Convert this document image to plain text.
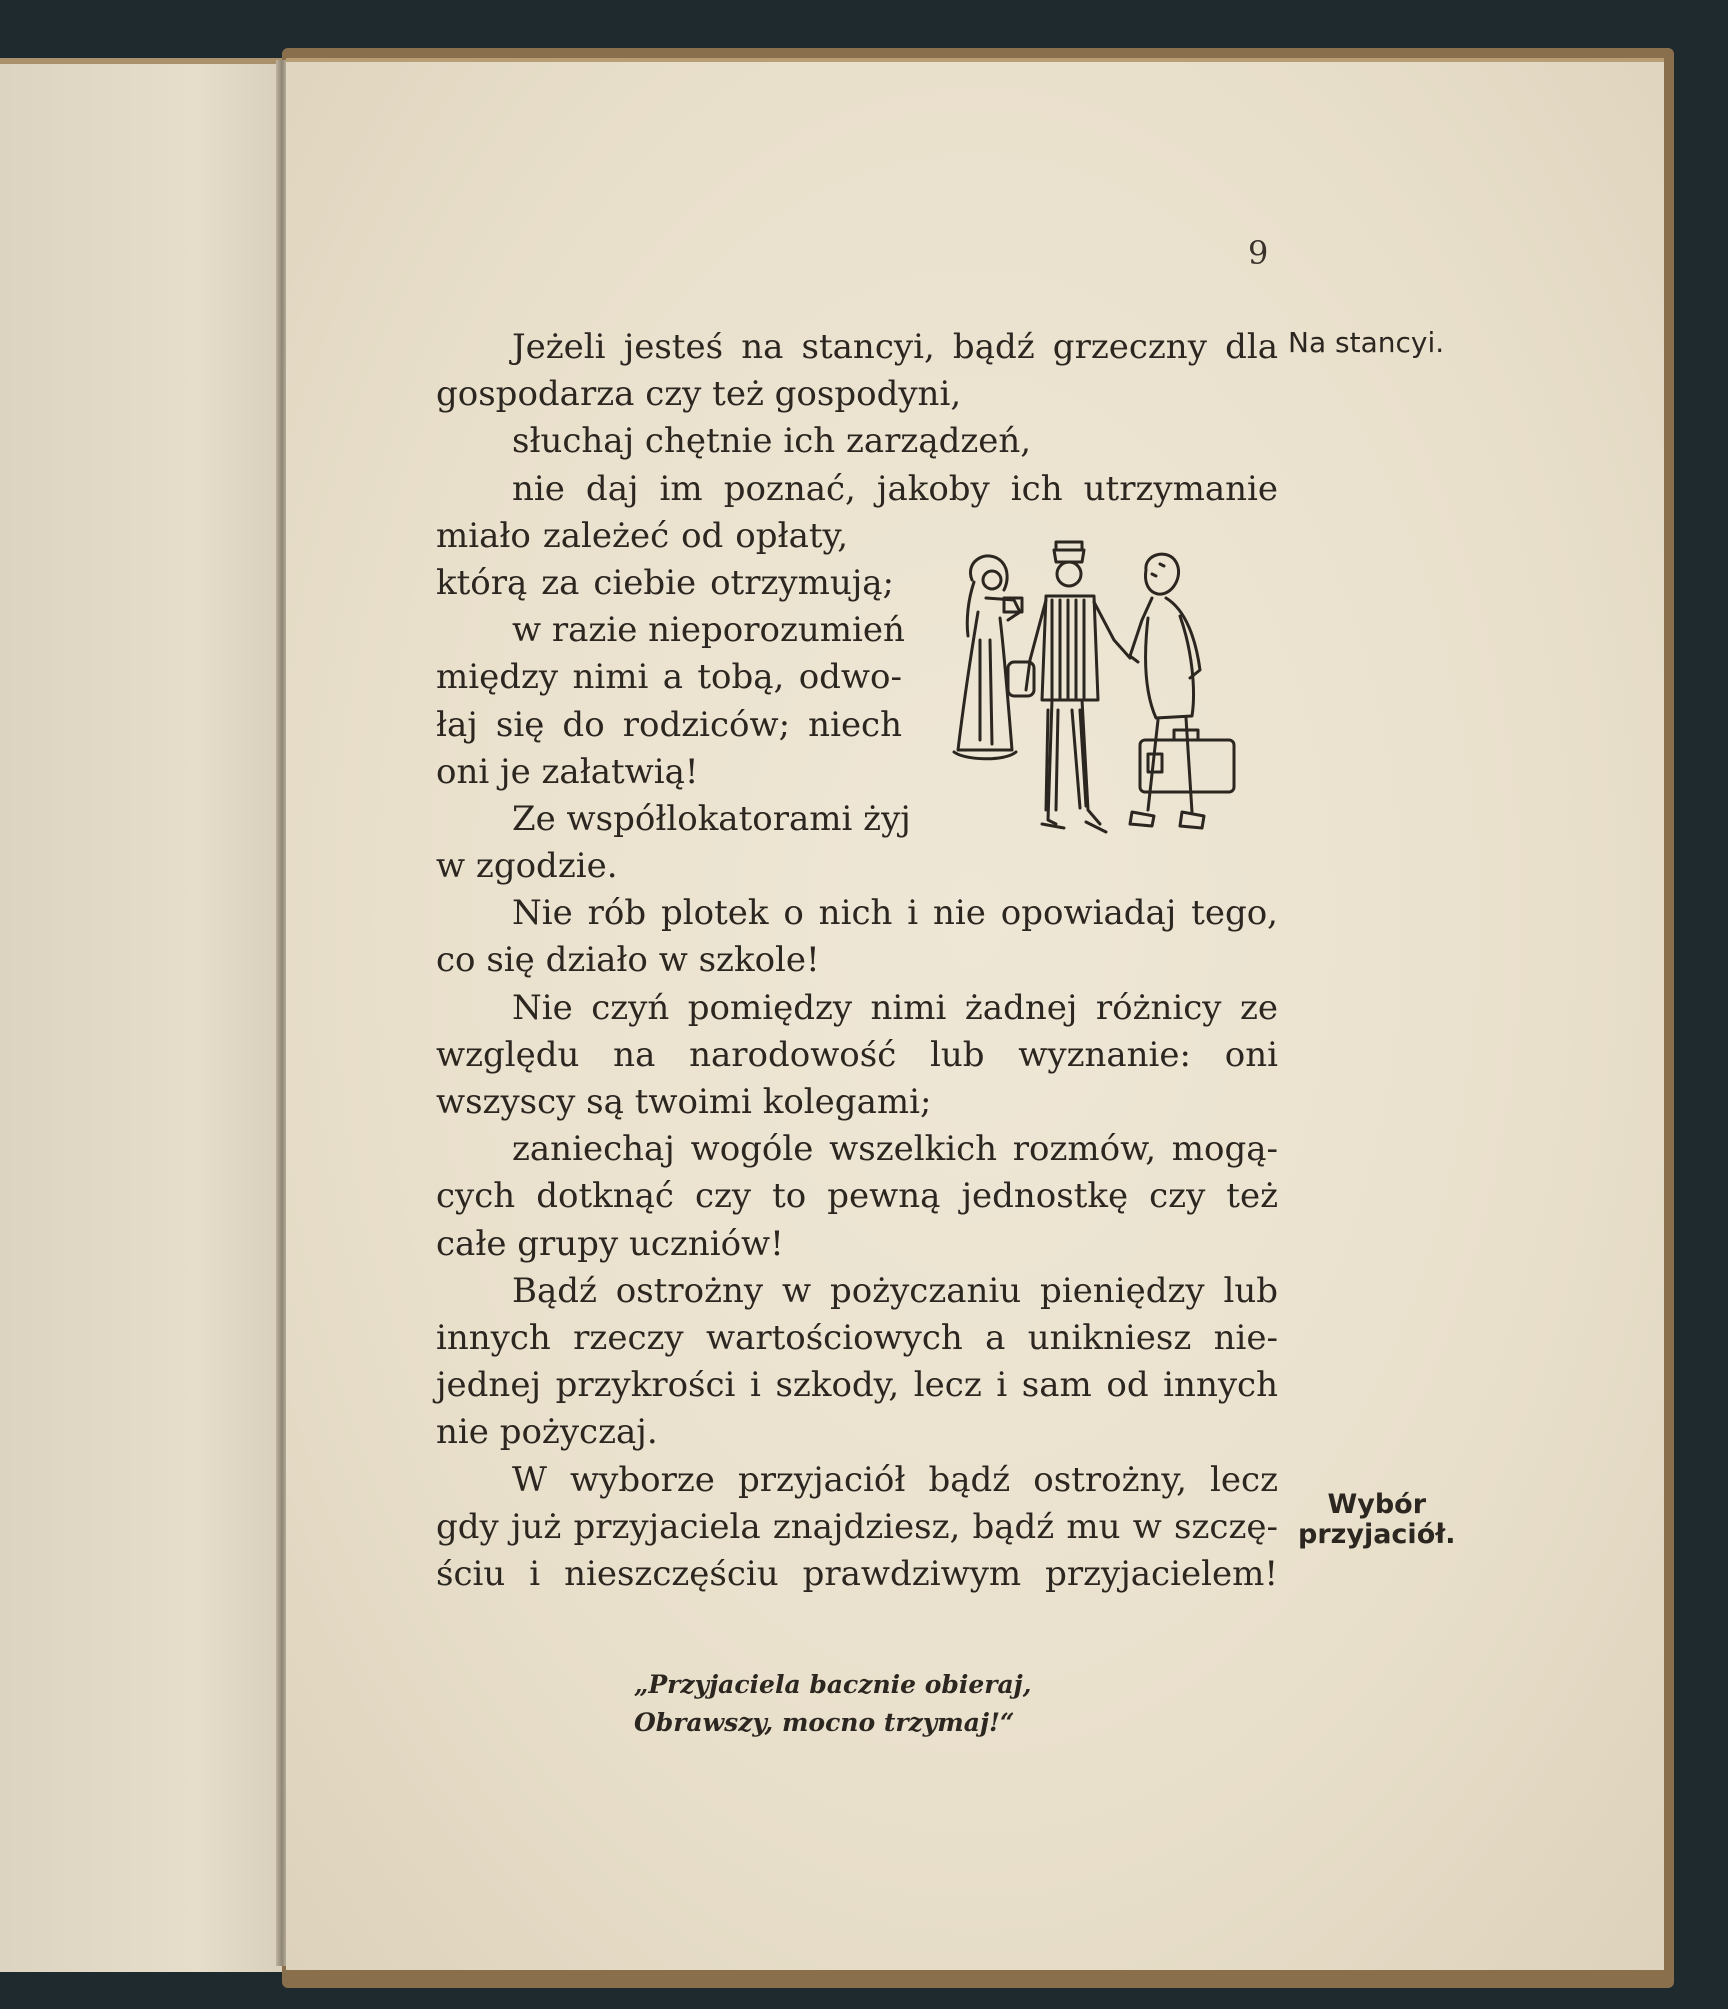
9
Na stancyi.
Wybór
przyjaciół.
Jeżeli jesteś na stancyi, bądź grzeczny dla
gospodarza czy też gospodyni,
słuchaj chętnie ich zarządzeń,
nie daj im poznać, jakoby ich utrzymanie
miało zależeć od opłaty,
którą za ciebie otrzymują;
w razie nieporozumień
między nimi a tobą, odwo-
łaj się do rodziców; niech
oni je załatwią!
Ze współlokatorami żyj
w zgodzie.
Nie rób plotek o nich i nie opowiadaj tego,
co się działo w szkole!
Nie czyń pomiędzy nimi żadnej różnicy ze
względu na narodowość lub wyznanie: oni
wszyscy są twoimi kolegami;
zaniechaj wogóle wszelkich rozmów, mogą-
cych dotknąć czy to pewną jednostkę czy też
całe grupy uczniów!
Bądź ostrożny w pożyczaniu pieniędzy lub
innych rzeczy wartościowych a unikniesz nie-
jednej przykrości i szkody, lecz i sam od innych
nie pożyczaj.
W wyborze przyjaciół bądź ostrożny, lecz
gdy już przyjaciela znajdziesz, bądź mu w szczę-
ściu i nieszczęściu prawdziwym przyjacielem!
„Przyjaciela bacznie obieraj,
Obrawszy, mocno trzymaj!“
